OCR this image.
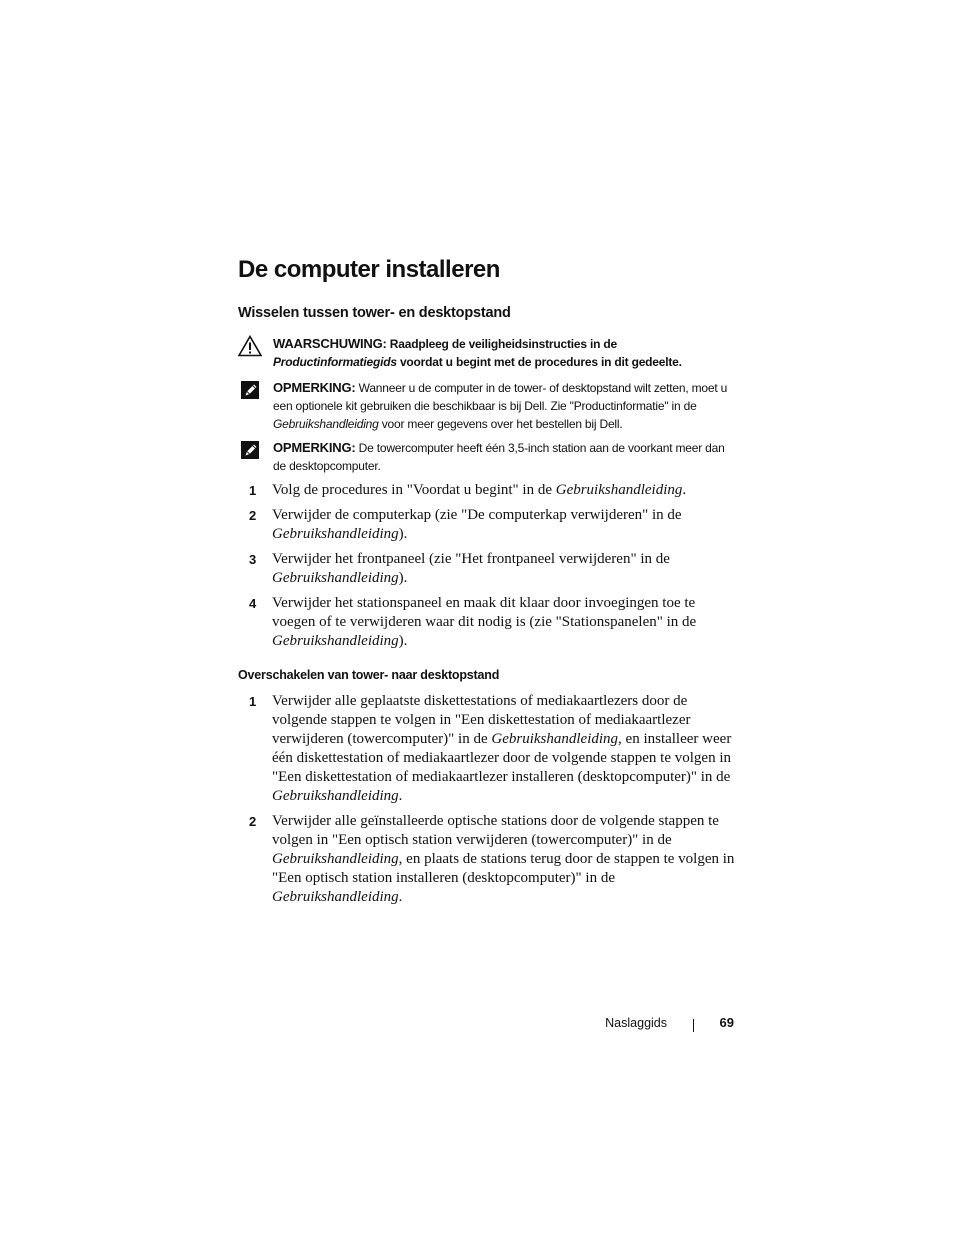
De computer installeren
Wisselen tussen tower- en desktopstand
WAARSCHUWING: Raadpleeg de veiligheidsinstructies in de Productinformatiegids voordat u begint met de procedures in dit gedeelte.
OPMERKING: Wanneer u de computer in de tower- of desktopstand wilt zetten, moet u een optionele kit gebruiken die beschikbaar is bij Dell. Zie "Productinformatie" in de Gebruikshandleiding voor meer gegevens over het bestellen bij Dell.
OPMERKING: De towercomputer heeft één 3,5-inch station aan de voorkant meer dan de desktopcomputer.
1 Volg de procedures in "Voordat u begint" in de Gebruikshandleiding.
2 Verwijder de computerkap (zie "De computerkap verwijderen" in de Gebruikshandleiding).
3 Verwijder het frontpaneel (zie "Het frontpaneel verwijderen" in de Gebruikshandleiding).
4 Verwijder het stationspaneel en maak dit klaar door invoegingen toe te voegen of te verwijderen waar dit nodig is (zie "Stationspanelen" in de Gebruikshandleiding).
Overschakelen van tower- naar desktopstand
1 Verwijder alle geplaatste diskettestations of mediakaartlezers door de volgende stappen te volgen in "Een diskettestation of mediakaartlezer verwijderen (towercomputer)" in de Gebruikshandleiding, en installeer weer één diskettestation of mediakaartlezer door de volgende stappen te volgen in "Een diskettestation of mediakaartlezer installeren (desktopcomputer)" in de Gebruikshandleiding.
2 Verwijder alle geïnstalleerde optische stations door de volgende stappen te volgen in "Een optisch station verwijderen (towercomputer)" in de Gebruikshandleiding, en plaats de stations terug door de stappen te volgen in "Een optisch station installeren (desktopcomputer)" in de Gebruikshandleiding.
Naslaggids	69
